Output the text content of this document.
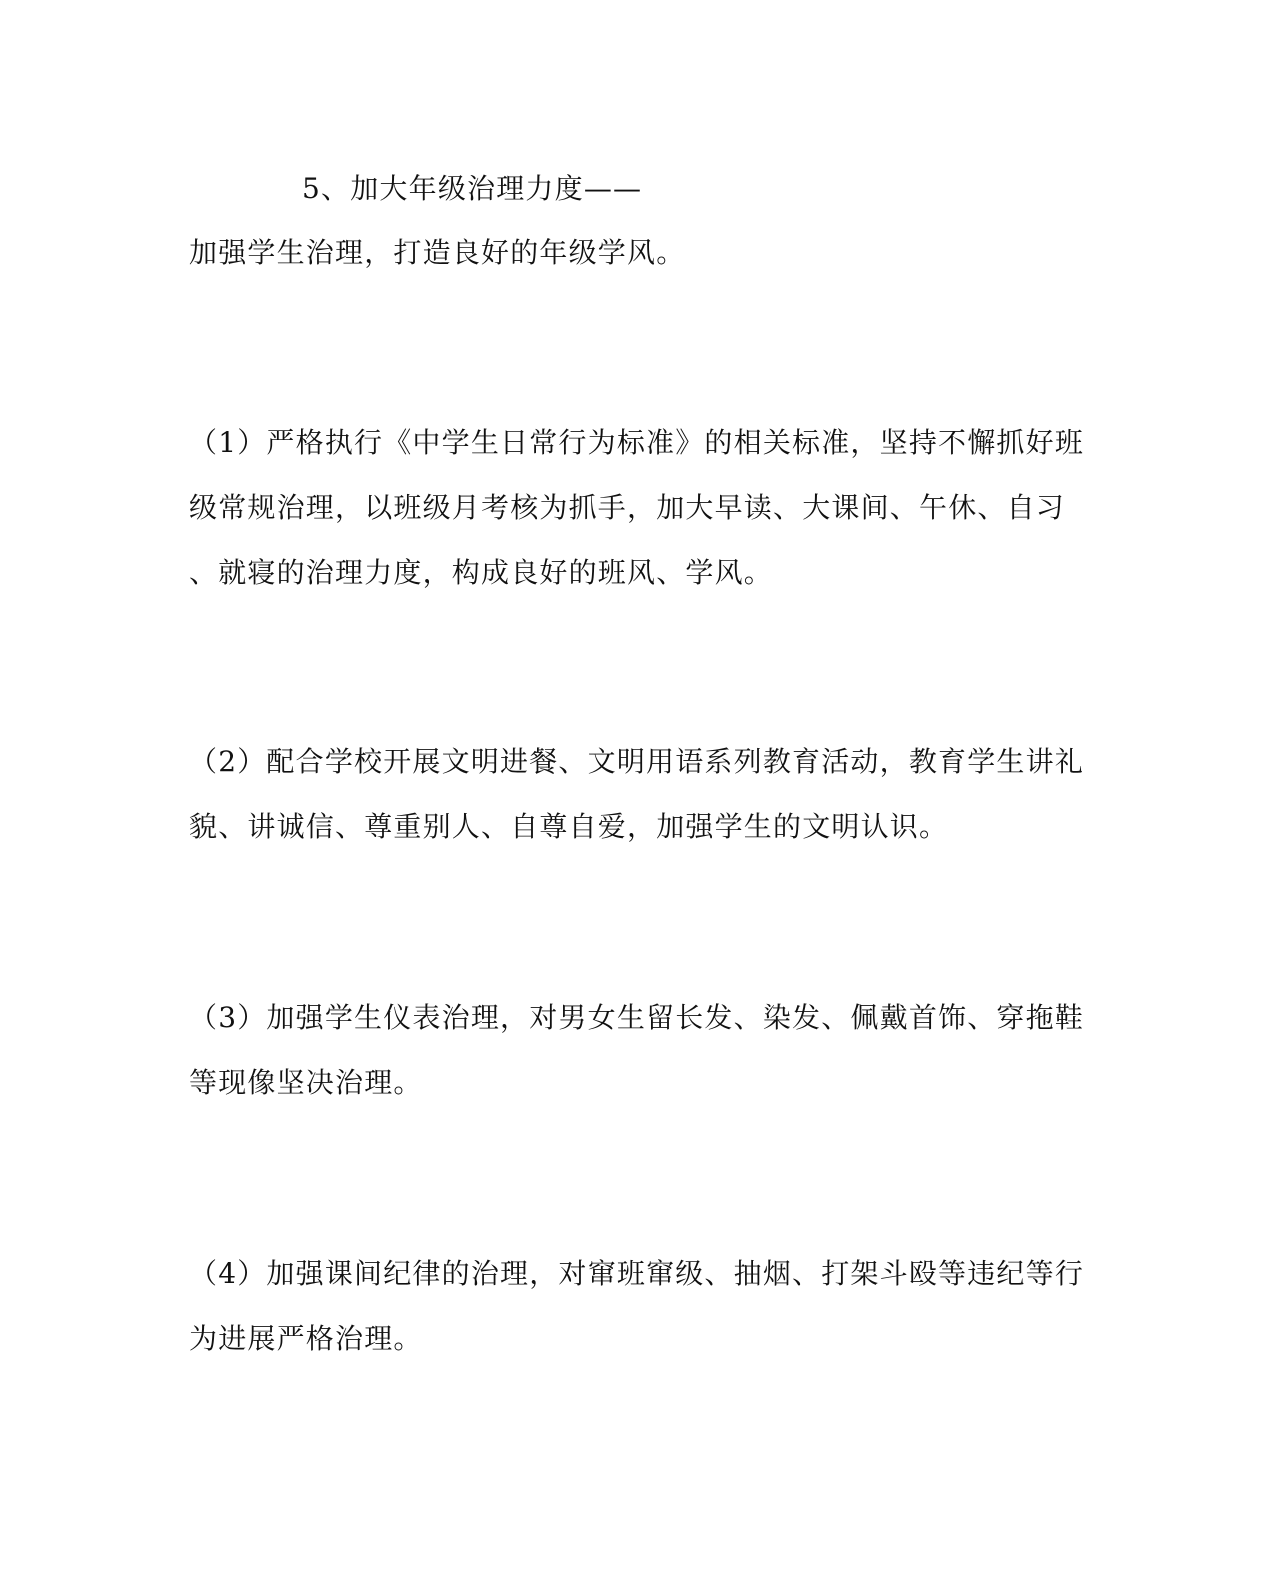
5、加大年级治理力度——
加强学生治理，打造良好的年级学风。
（1）严格执行《中学生日常行为标准》的相关标准，坚持不懈抓好班
级常规治理，以班级月考核为抓手，加大早读、大课间、午休、自习
、就寝的治理力度，构成良好的班风、学风。
（2）配合学校开展文明进餐、文明用语系列教育活动，教育学生讲礼
貌、讲诚信、尊重别人、自尊自爱，加强学生的文明认识。
（3）加强学生仪表治理，对男女生留长发、染发、佩戴首饰、穿拖鞋
等现像坚决治理。
（4）加强课间纪律的治理，对窜班窜级、抽烟、打架斗殴等违纪等行
为进展严格治理。
